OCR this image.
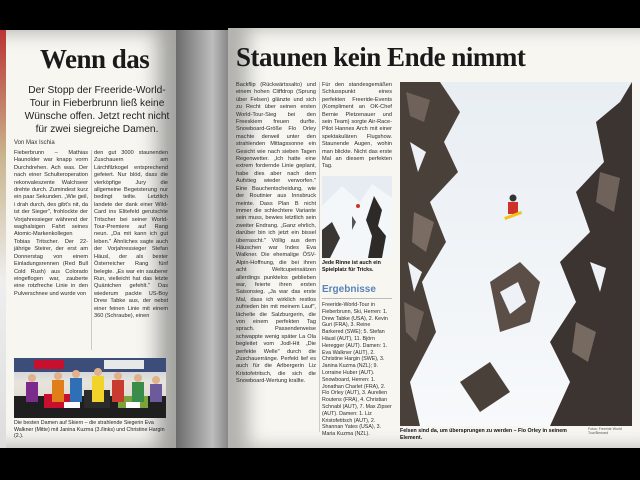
Wenn das
Der Stopp der Freeride-World-Tour in Fieberbrunn ließ keine Wünsche offen. Jetzt recht nicht für zwei siegreiche Damen.
Von Max Ischia

Fieberbrunn – Mathias Haunolder war knapp vorm Durchdrehen. Ach was. Der nach einer Schulteroperation rekonvaleszente Walchseer drehte durch. Zumindest kurz ein paar Sekunden. „Wie geil, i drah durch, des gibt's nit, da ist der Sieger", frohlockte der Vorjahressieger während der waghalsigen Fahrt seines Atomic-Markenkollegen Tobias Tritscher. Der 22-jährige Steirer, der erst am Donnerstag von einem Einladungsrennen (Red Bull Cold Rush) aus Colorado eingeflogen war, zauberte eine rotzfreche Linie in den Pulverschnee und wurde von

den gut 3000 staunenden Zuschauern am Lärchfilzkogel entsprechend gefeiert. Nur blöd, dass die vierköpfige Jury die allgemeine Begeisterung nur bedingt teilte. Letztlich landete der dank einer Wild-Card ins Elitefeld gerutschte Tritscher bei seiner World-Tour-Premiere auf Rang neun. „Da mit kann ich gut leben." Ähnliches sagte auch der Vorjahressieger Stefan Häusl, der als bester Österreicher Rang fünf belegte. „Es war ein sauberer Run, vielleicht hat das letzte Quäntchen gefehlt." Das wiederum packte US-Boy Drew Tabke aus, der nebst einer feinen Linie mit einem 360 (Schraube), einen

Die besten Damen auf Skiern – die strahlende Siegerin Eva Walkner (Mitte) mit Janina Kuzma (3./links) und Christine Hargin (2.).
Staunen kein Ende nimmt

Backflip (Rückwärtssalto) und einem hohen Cliffdrop (Sprung über Felsen) glänzte und sich zu Recht über seinen ersten World-Tour-Sieg bei den Freeskiern freuen durfte. Snowboard-Größe Flo Orley machte derweil unter den strahlenden Mittagssonne ein Gesicht wie nach sieben Tagen Regenwetter. „Ich hatte eine extrem fordernde Linie geplant, habe dies aber nach dem Aufstieg wieder verworfen." Eine Bauchentscheidung, wie der Routinier aus Innsbruck meinte. Dass Plan B nicht immer die schlechtere Variante sein muss, bewies letztlich sein zweiter Endrang. „Ganz ehrlich, darüber bin ich jetzt ein bissel überrascht." Völlig aus dem Häuschen war Indes Eva Walkner. Die ehemalige ÖSV-Alpin-Hoffnung, die bei ihren acht Weltcupeinsätzen allerdings punktelos geblieben war, feierte ihren ersten Saisonsieg. „Ja war das erste Mal, dass ich wirklich restlos zufrieden bin mit meinem Lauf", lächelte die Salzburgerin, die von einem perfekten Tag sprach. Passenderweise schwappte wenig später La Ola begleitet vom Jodl-Hit „Die perfekte Welle" durch die Zuschauerränge. Perfekt lief es auch für die Arlbergerin Liz Kristofetritsch, die sich die Snowboard-Wertung krallte.

Für den standesgemäßen Schlusspunkt eines perfekten Freeride-Events (Kompliment an OK-Chef Bernie Pletzenauer und sein Team) sorgte Air-Race-Pilot Hannes Arch mit einer spektakulären Flugshow. Staunende Augen, wohin man blickte. Nicht das erste Mal an diesem perfekten Tag.

Jede Rinne ist auch ein Spielplatz für Tricks.
Ergebnisse

Freeride-World-Tour in Fieberbrunn, Ski, Herren: 1. Drew Tabke (USA), 2. Kevin Guri (FRA), 3. Reine Barkered (SWE); 5. Stefan Häusl (AUT), 11. Björn Heregger (AUT). Damen: 1. Eva Walkner (AUT), 2. Christine Hargin (SWE), 3. Janina Kuzma (NZL); 9. Lorraine Huber (AUT). Snowboard, Herren: 1. Jonathan Charlet (FRA), 2. Flo Orley (AUT), 3. Aurelien Routens (FRA), 4. Christian Schnabl (AUT), 7. Max Zipser (AUT). Damen: 1. Liz Kristofetitsch (AUT), 2. Shannan Yates (USA), 3. Maria Kuzma (NZL).

Fotos: Freeride World Tour/Bernard
Felsen sind da, um übersprungen zu werden – Flo Orley in seinem Element.
